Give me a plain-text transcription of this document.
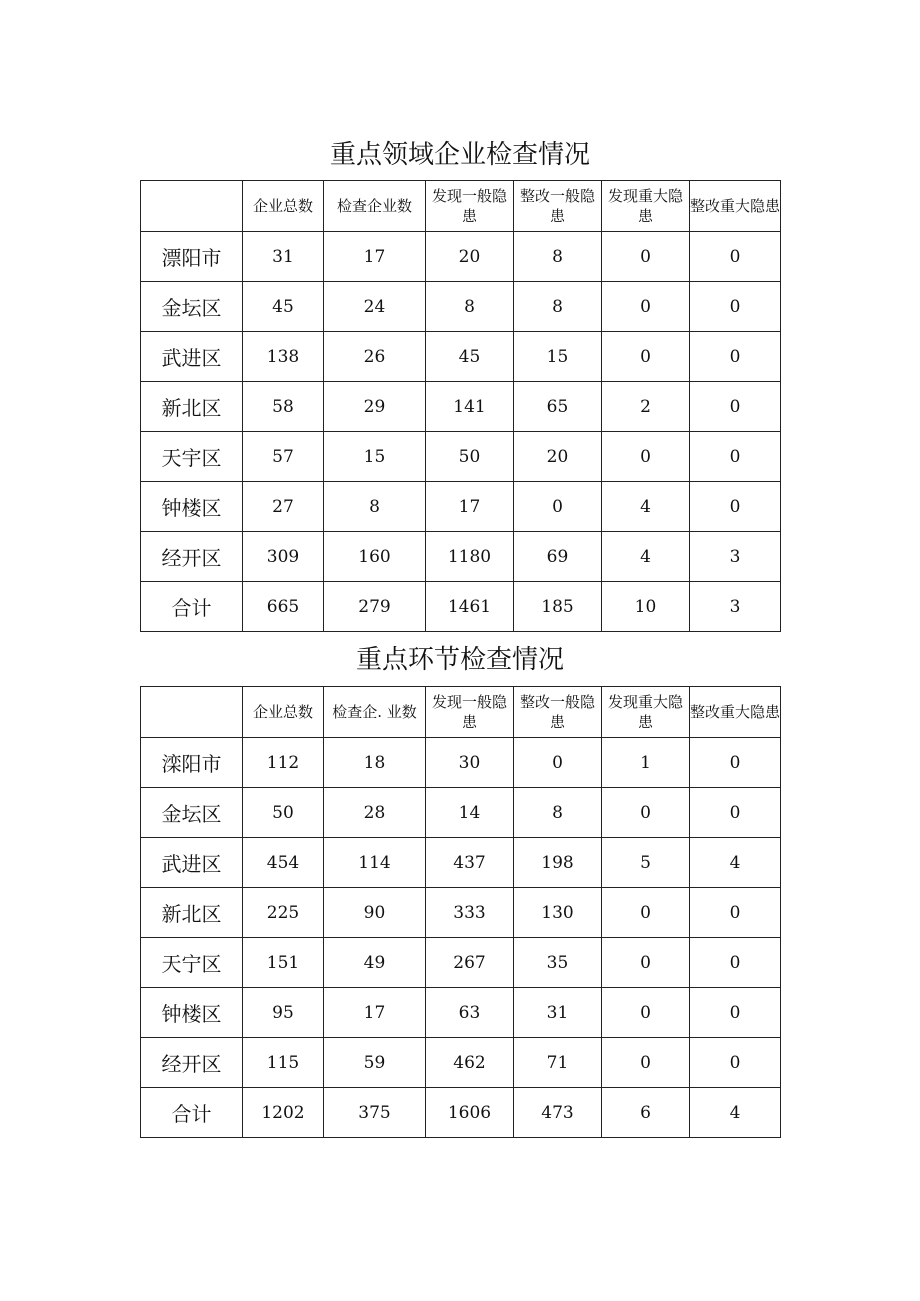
重点领域企业检查情况
	企业总数	检查企业数	发现一般隐患	整改一般隐患	发现重大隐患	整改重大隐患
漂阳市	31	17	20	8	0	0
金坛区	45	24	8	8	0	0
武进区	138	26	45	15	0	0
新北区	58	29	141	65	2	0
天宇区	57	15	50	20	0	0
钟楼区	27	8	17	0	4	0
经开区	309	160	1180	69	4	3
合计	665	279	1461	185	10	3
重点环节检查情况
	企业总数	检查企. 业数	发现一般隐患	整改一般隐患	发现重大隐患	整改重大隐患
滦阳市	112	18	30	0	1	0
金坛区	50	28	14	8	0	0
武进区	454	114	437	198	5	4
新北区	225	90	333	130	0	0
天宁区	151	49	267	35	0	0
钟楼区	95	17	63	31	0	0
经开区	115	59	462	71	0	0
合计	1202	375	1606	473	6	4
